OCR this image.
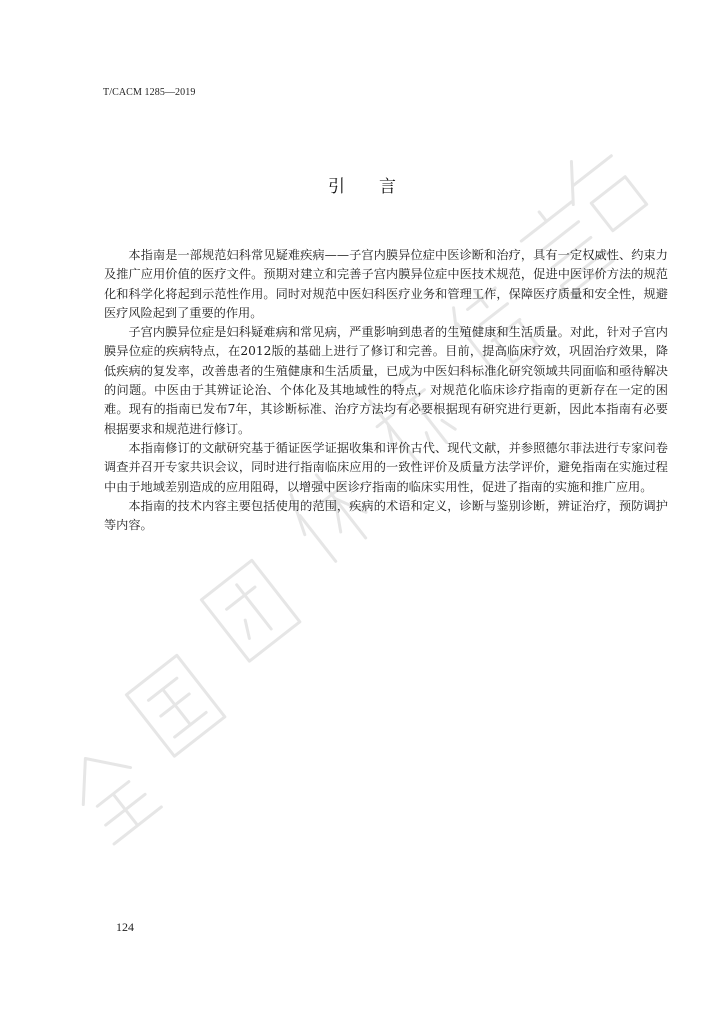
T/CACM 1285—2019
引言

本指南是一部规范妇科常见疑难疾病——子宫内膜异位症中医诊断和治疗，具有一定权威性、约束力及推广应用价值的医疗文件。预期对建立和完善子宫内膜异位症中医技术规范，促进中医评价方法的规范化和科学化将起到示范性作用。同时对规范中医妇科医疗业务和管理工作，保障医疗质量和安全性，规避医疗风险起到了重要的作用。

子宫内膜异位症是妇科疑难病和常见病，严重影响到患者的生殖健康和生活质量。对此，针对子宫内膜异位症的疾病特点，在2012版的基础上进行了修订和完善。目前，提高临床疗效，巩固治疗效果，降低疾病的复发率，改善患者的生殖健康和生活质量，已成为中医妇科标准化研究领域共同面临和亟待解决的问题。中医由于其辨证论治、个体化及其地域性的特点，对规范化临床诊疗指南的更新存在一定的困难。现有的指南已发布7年，其诊断标准、治疗方法均有必要根据现有研究进行更新，因此本指南有必要根据要求和规范进行修订。

本指南修订的文献研究基于循证医学证据收集和评价古代、现代文献，并参照德尔菲法进行专家问卷调查并召开专家共识会议，同时进行指南临床应用的一致性评价及质量方法学评价，避免指南在实施过程中由于地域差别造成的应用阻碍，以增强中医诊疗指南的临床实用性，促进了指南的实施和推广应用。

本指南的技术内容主要包括使用的范围，疾病的术语和定义，诊断与鉴别诊断，辨证治疗，预防调护等内容。

124
